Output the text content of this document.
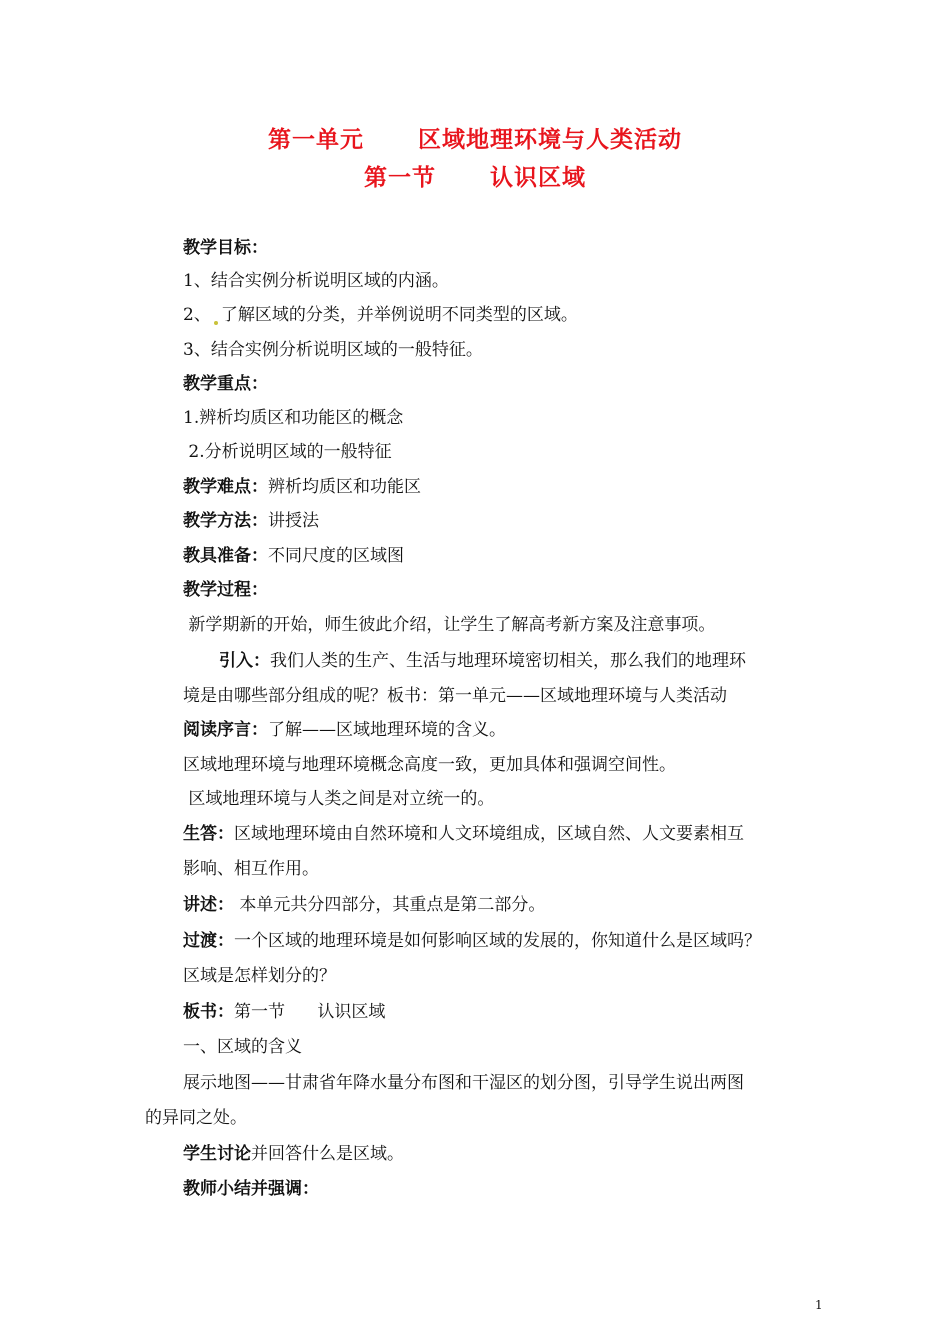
第一单元      区域地理环境与人类活动
第一节      认识区域
教学目标：
1、结合实例分析说明区域的内涵。
2、 了解区域的分类，并举例说明不同类型的区域。
3、结合实例分析说明区域的一般特征。
教学重点：
1.辨析均质区和功能区的概念
2.分析说明区域的一般特征
教学难点：辨析均质区和功能区
教学方法：讲授法
教具准备：不同尺度的区域图
教学过程：
新学期新的开始，师生彼此介绍，让学生了解高考新方案及注意事项。
引入：我们人类的生产、生活与地理环境密切相关，那么我们的地理环
境是由哪些部分组成的呢？板书：第一单元——区域地理环境与人类活动
阅读序言：了解——区域地理环境的含义。
区域地理环境与地理环境概念高度一致，更加具体和强调空间性。
区域地理环境与人类之间是对立统一的。
生答：区域地理环境由自然环境和人文环境组成，区域自然、人文要素相互
影响、相互作用。
讲述： 本单元共分四部分，其重点是第二部分。
过渡：一个区域的地理环境是如何影响区域的发展的，你知道什么是区域吗？
区域是怎样划分的？
板书：第一节      认识区域
一、区域的含义
展示地图——甘肃省年降水量分布图和干湿区的划分图，引导学生说出两图
的异同之处。
学生讨论并回答什么是区域。
教师小结并强调：
1
